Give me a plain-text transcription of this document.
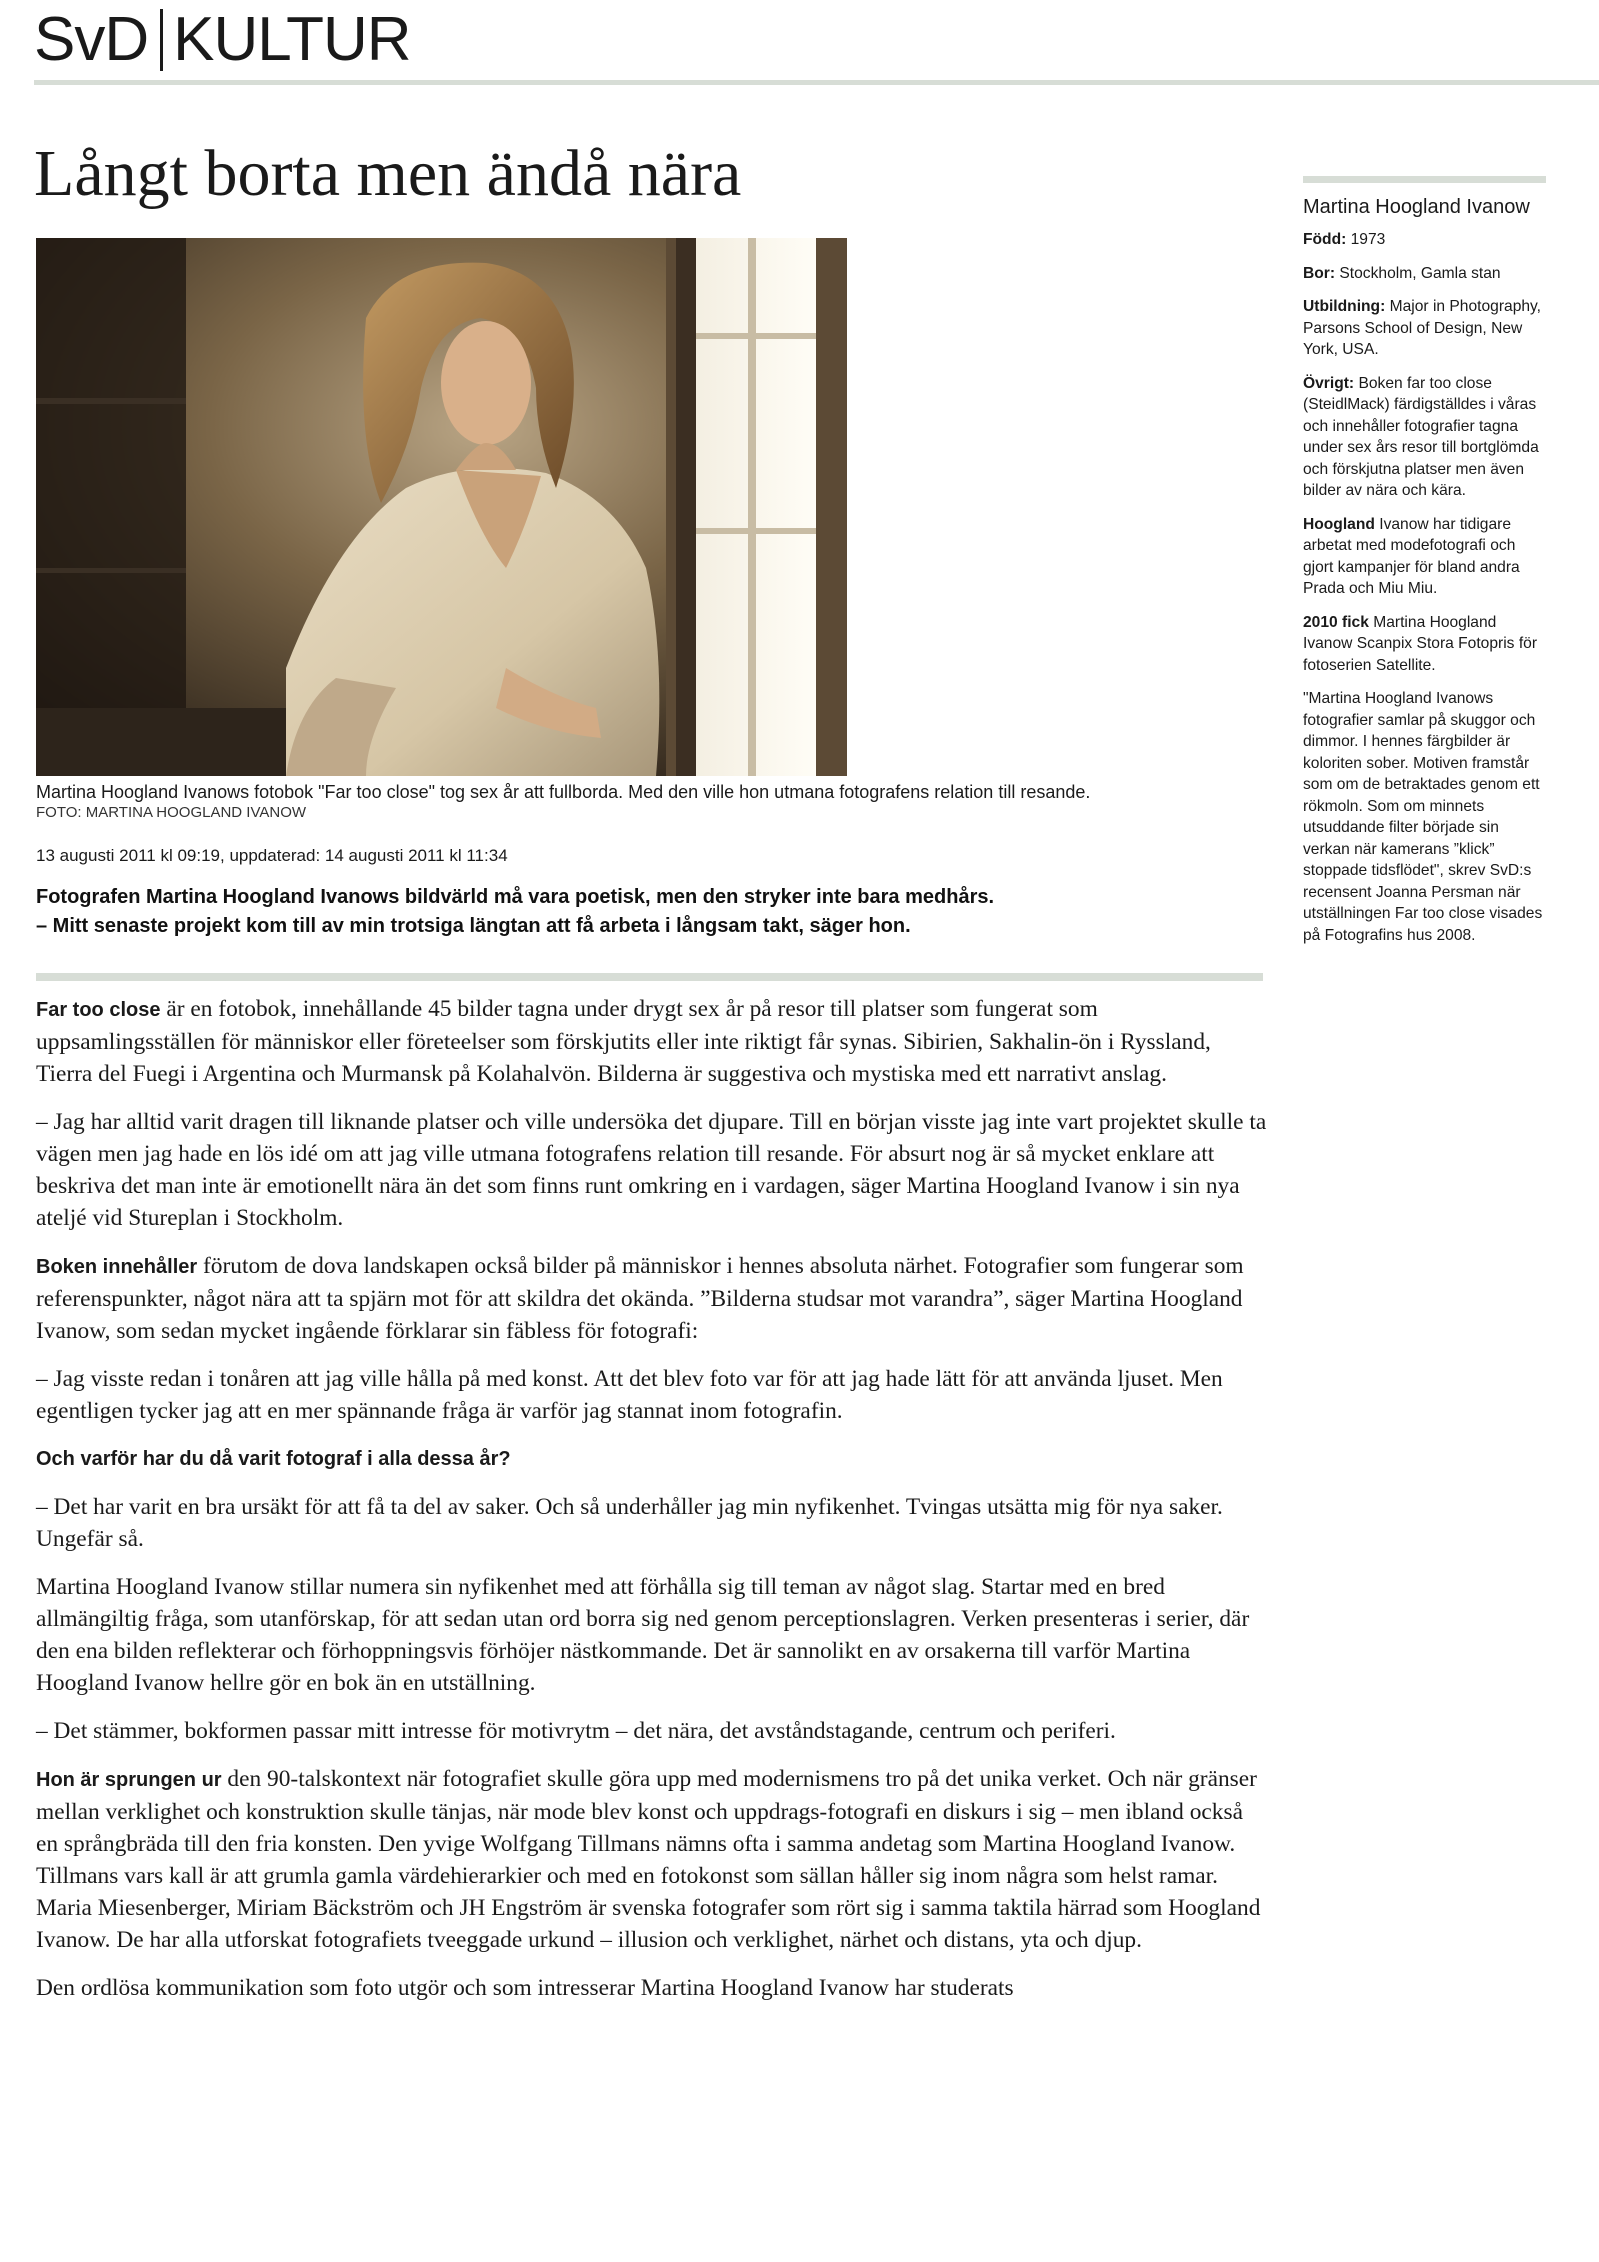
SvD KULTUR
Långt borta men ändå nära
Martina Hoogland Ivanows fotobok "Far too close" tog sex år att fullborda. Med den ville hon utmana fotografens relation till resande.
FOTO: MARTINA HOOGLAND IVANOW
13 augusti 2011 kl 09:19, uppdaterad: 14 augusti 2011 kl 11:34

Fotografen Martina Hoogland Ivanows bildvärld må vara poetisk, men den stryker inte bara medhårs.

– Mitt senaste projekt kom till av min trotsiga längtan att få arbeta i långsam takt, säger hon.

Far too close är en fotobok, innehållande 45 bilder tagna under drygt sex år på resor till platser som fungerat som uppsamlingsställen för människor eller företeelser som förskjutits eller inte riktigt får synas. Sibirien, Sakhalin-ön i Ryssland, Tierra del Fuegi i Argentina och Murmansk på Kolahalvön. Bilderna är suggestiva och mystiska med ett narrativt anslag.

– Jag har alltid varit dragen till liknande platser och ville undersöka det djupare. Till en början visste jag inte vart projektet skulle ta vägen men jag hade en lös idé om att jag ville utmana fotografens relation till resande. För absurt nog är så mycket enklare att beskriva det man inte är emotionellt nära än det som finns runt omkring en i vardagen, säger Martina Hoogland Ivanow i sin nya ateljé vid Stureplan i Stockholm.

Boken innehåller förutom de dova landskapen också bilder på människor i hennes absoluta närhet. Fotografier som fungerar som referenspunkter, något nära att ta spjärn mot för att skildra det okända. ”Bilderna studsar mot varandra”, säger Martina Hoogland Ivanow, som sedan mycket ingående förklarar sin fäbless för fotografi:

– Jag visste redan i tonåren att jag ville hålla på med konst. Att det blev foto var för att jag hade lätt för att använda ljuset. Men egentligen tycker jag att en mer spännande fråga är varför jag stannat inom fotografin.

Och varför har du då varit fotograf i alla dessa år?

– Det har varit en bra ursäkt för att få ta del av saker. Och så underhåller jag min nyfikenhet. Tvingas utsätta mig för nya saker. Ungefär så.

Martina Hoogland Ivanow stillar numera sin nyfikenhet med att förhålla sig till teman av något slag. Startar med en bred allmängiltig fråga, som utanförskap, för att sedan utan ord borra sig ned genom perceptionslagren. Verken presenteras i serier, där den ena bilden reflekterar och förhoppningsvis förhöjer nästkommande. Det är sannolikt en av orsakerna till varför Martina Hoogland Ivanow hellre gör en bok än en utställning.

– Det stämmer, bokformen passar mitt intresse för motivrytm – det nära, det avståndstagande, centrum och periferi.

Hon är sprungen ur den 90-talskontext när fotografiet skulle göra upp med modernismens tro på det unika verket. Och när gränser mellan verklighet och konstruktion skulle tänjas, när mode blev konst och uppdrags-fotografi en diskurs i sig – men ibland också en språngbräda till den fria konsten. Den yvige Wolfgang Tillmans nämns ofta i samma andetag som Martina Hoogland Ivanow. Tillmans vars kall är att grumla gamla värdehierarkier och med en fotokonst som sällan håller sig inom några som helst ramar. Maria Miesenberger, Miriam Bäckström och JH Engström är svenska fotografer som rört sig i samma taktila härrad som Hoogland Ivanow. De har alla utforskat fotografiets tveeggade urkund – illusion och verklighet, närhet och distans, yta och djup.

Den ordlösa kommunikation som foto utgör och som intresserar Martina Hoogland Ivanow har studerats

Martina Hoogland Ivanow

Född: 1973

Bor: Stockholm, Gamla stan

Utbildning: Major in Photography, Parsons School of Design, New York, USA.

Övrigt: Boken far too close (SteidlMack) färdigställdes i våras och innehåller fotografier tagna under sex års resor till bortglömda och förskjutna platser men även bilder av nära och kära.

Hoogland Ivanow har tidigare arbetat med modefotografi och gjort kampanjer för bland andra Prada och Miu Miu.

2010 fick Martina Hoogland Ivanow Scanpix Stora Fotopris för fotoserien Satellite.

"Martina Hoogland Ivanows fotografier samlar på skuggor och dimmor. I hennes färgbilder är koloriten sober. Motiven framstår som om de betraktades genom ett rökmoln. Som om minnets utsuddande filter började sin verkan när kamerans ”klick” stoppade tidsflödet", skrev SvD:s recensent Joanna Persman när utställningen Far too close visades på Fotografins hus 2008.
